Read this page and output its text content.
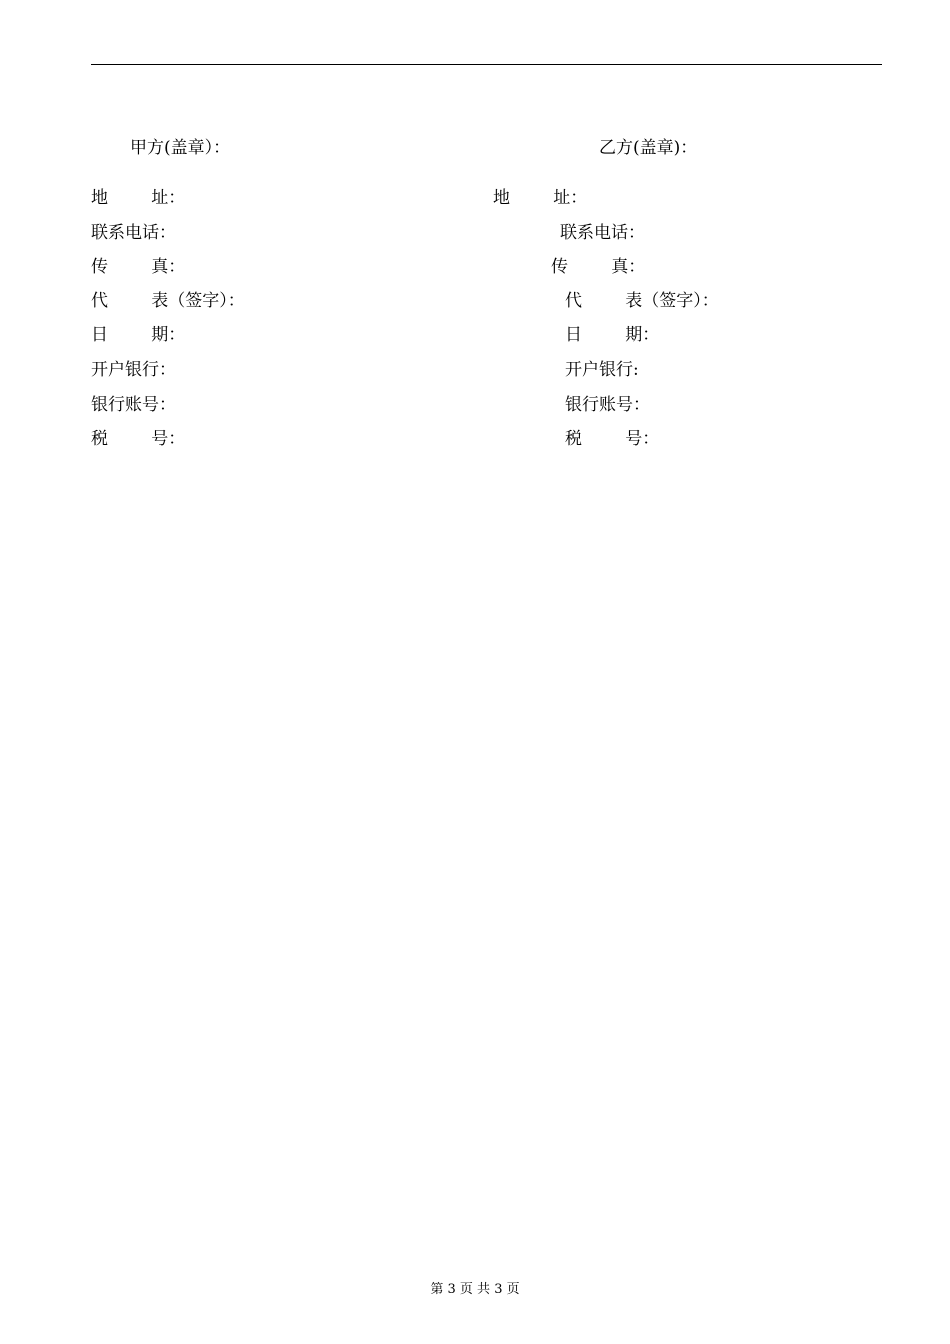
甲方(盖章）：
地        址：
联系电话：
传        真：
代        表（签字）：
日        期：
开户银行：
银行账号：
税        号：
乙方(盖章)：
地        址：
联系电话：
传        真：
代        表（签字）：
日        期：
开户银行:
银行账号：
税        号：
第 3 页 共 3 页
